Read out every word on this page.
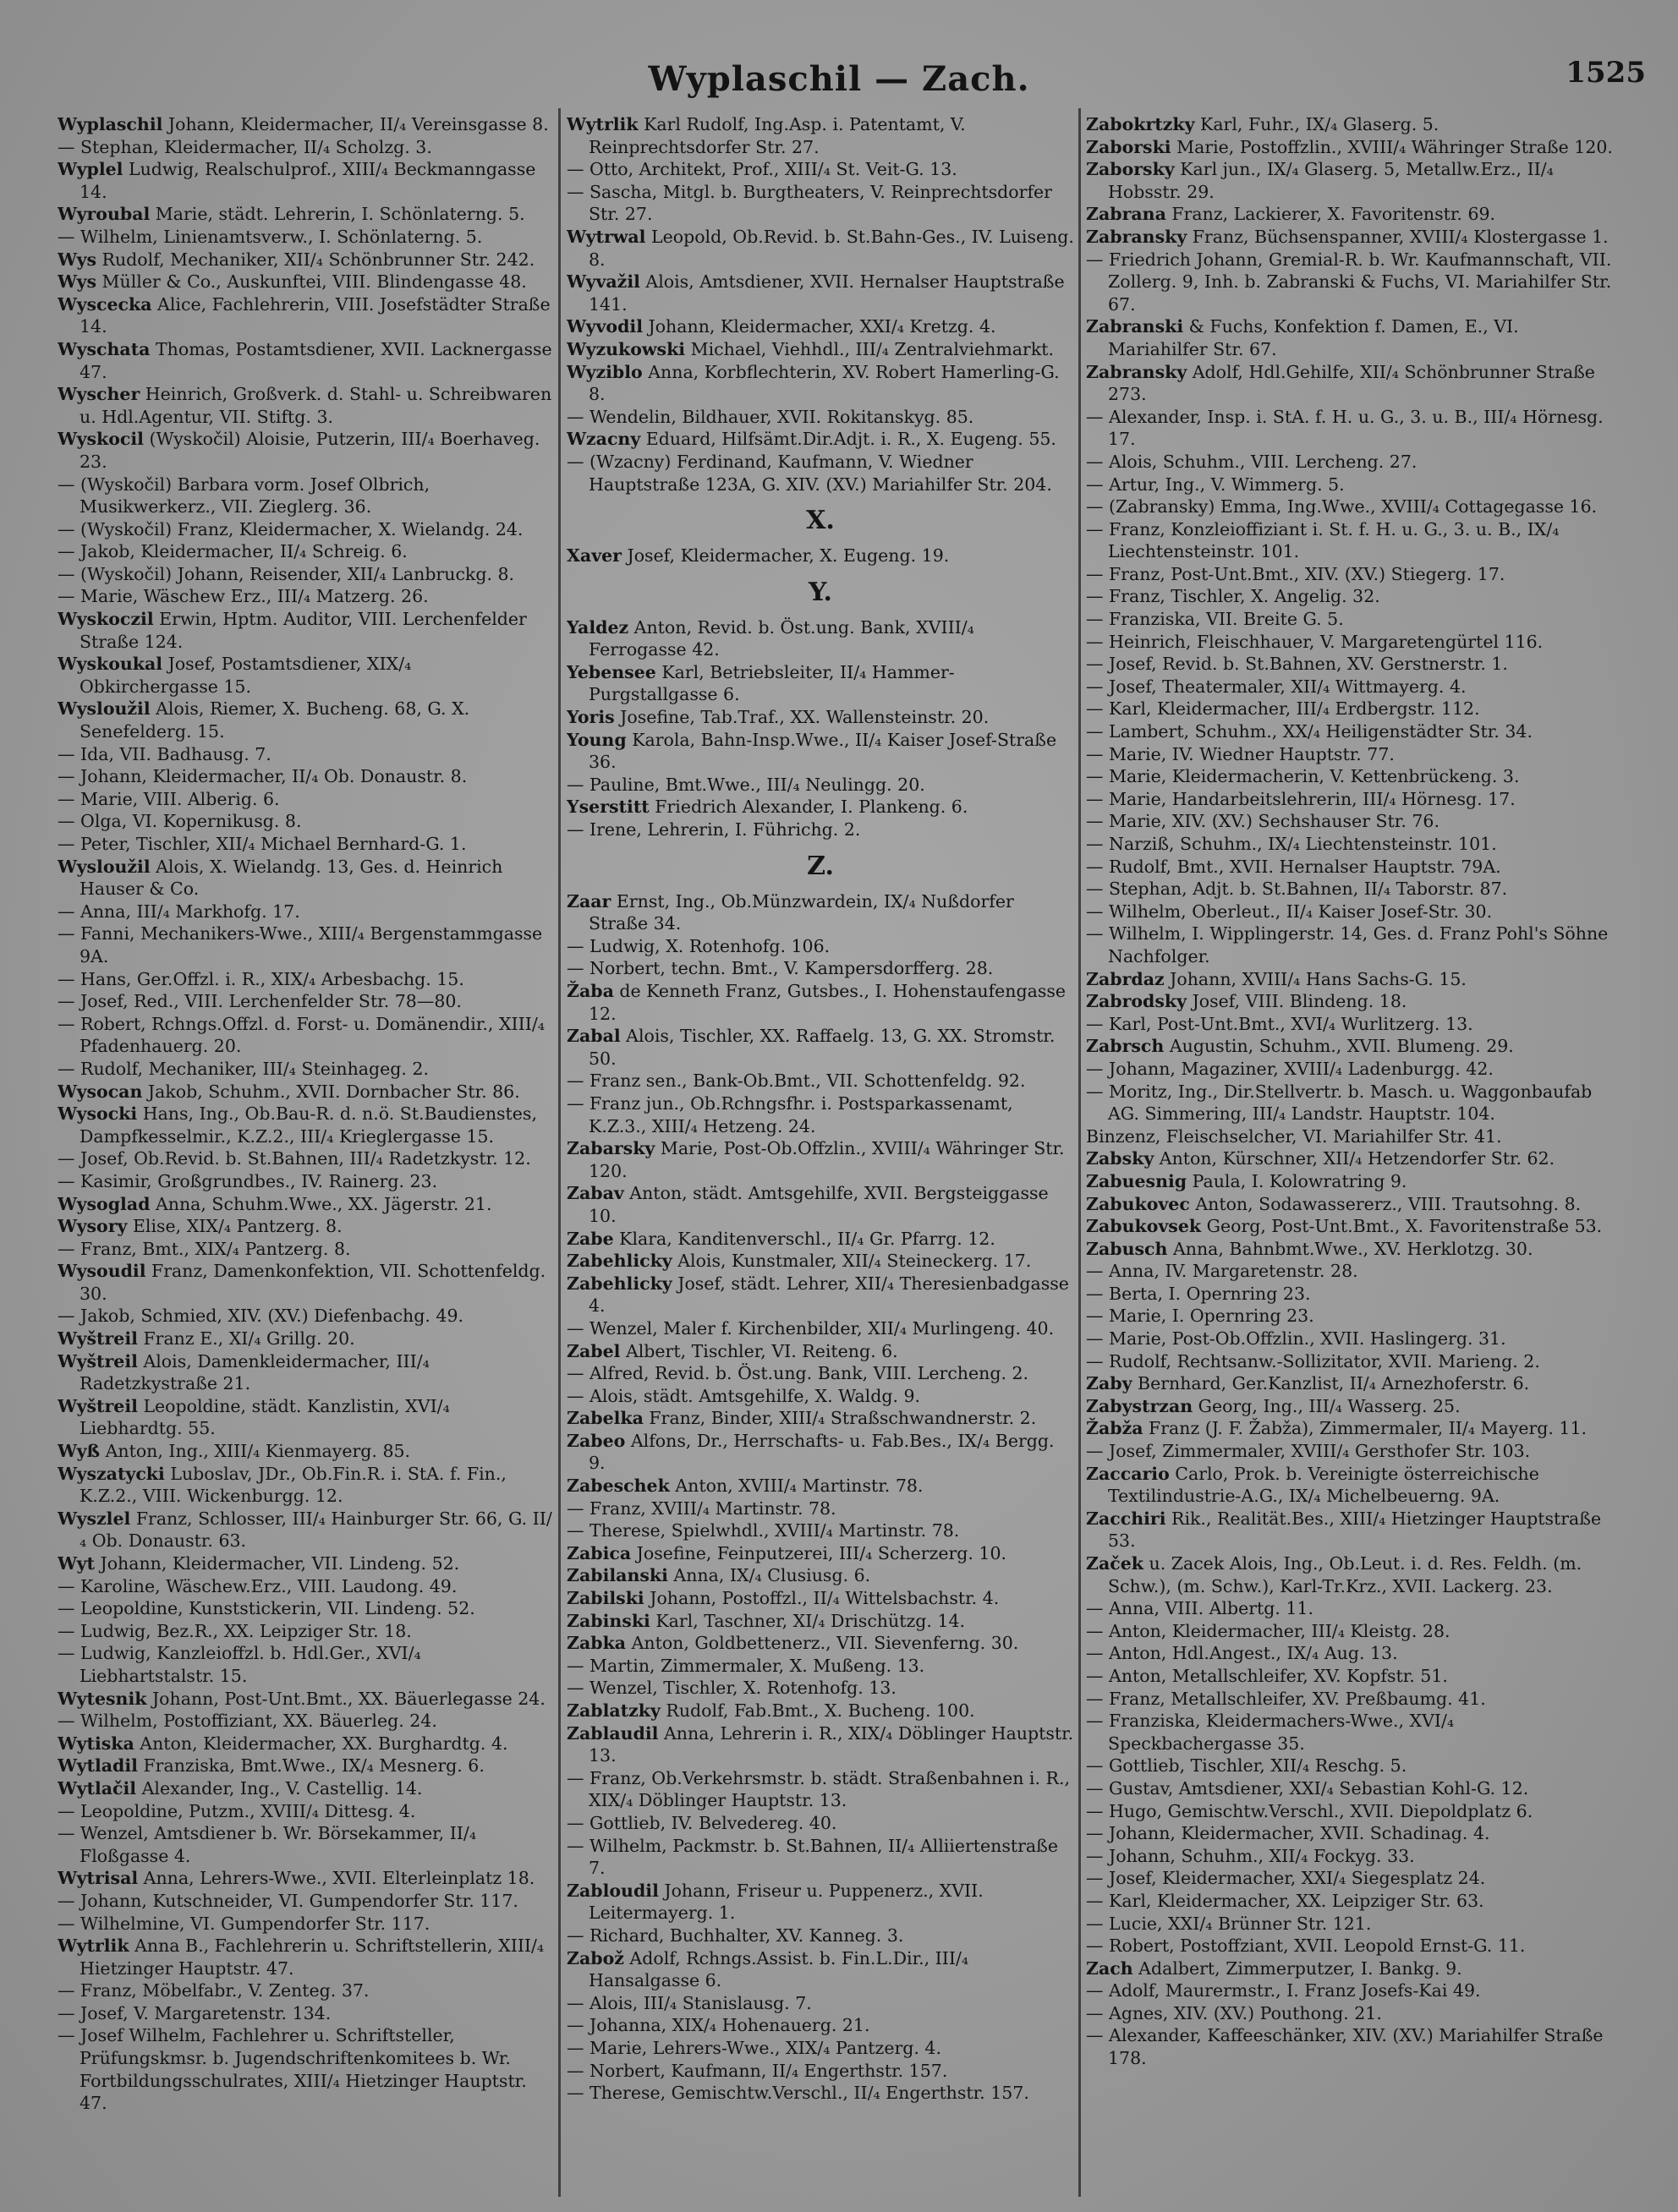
Wyplaschil — Zach.	1525

Wyplaschil Johann, Kleidermacher, II/₄ Vereinsgasse 8.

— Stephan, Kleidermacher, II/₄ Scholzg. 3.

Wyplel Ludwig, Realschulprof., XIII/₄ Beckmanngasse 14.

Wyroubal Marie, städt. Lehrerin, I. Schönlaterng. 5.

— Wilhelm, Linienamtsverw., I. Schönlaterng. 5.

Wys Rudolf, Mechaniker, XII/₄ Schönbrunner Str. 242.

Wys Müller & Co., Auskunftei, VIII. Blindengasse 48.

Wyscecka Alice, Fachlehrerin, VIII. Josefstädter Straße 14.

Wyschata Thomas, Postamtsdiener, XVII. Lacknergasse 47.

Wyscher Heinrich, Großverk. d. Stahl- u. Schreibwaren u. Hdl.Agentur, VII. Stiftg. 3.

Wyskocil (Wyskočil) Aloisie, Putzerin, III/₄ Boerhaveg. 23.

— (Wyskočil) Barbara vorm. Josef Olbrich, Musikwerkerz., VII. Zieglerg. 36.

— (Wyskočil) Franz, Kleidermacher, X. Wielandg. 24.

— Jakob, Kleidermacher, II/₄ Schreig. 6.

— (Wyskočil) Johann, Reisender, XII/₄ Lanbruckg. 8.

— Marie, Wäschew Erz., III/₄ Matzerg. 26.

Wyskoczil Erwin, Hptm. Auditor, VIII. Lerchenfelder Straße 124.

Wyskoukal Josef, Postamtsdiener, XIX/₄ Obkirchergasse 15.

Wysloužil Alois, Riemer, X. Bucheng. 68, G. X. Senefelderg. 15.

— Ida, VII. Badhausg. 7.

— Johann, Kleidermacher, II/₄ Ob. Donaustr. 8.

— Marie, VIII. Alberig. 6.

— Olga, VI. Kopernikusg. 8.

— Peter, Tischler, XII/₄ Michael Bernhard-G. 1.

Wysloužil Alois, X. Wielandg. 13, Ges. d. Heinrich Hauser & Co.

— Anna, III/₄ Markhofg. 17.

— Fanni, Mechanikers-Wwe., XIII/₄ Bergenstammgasse 9A.

— Hans, Ger.Offzl. i. R., XIX/₄ Arbesbachg. 15.

— Josef, Red., VIII. Lerchenfelder Str. 78—80.

— Robert, Rchngs.Offzl. d. Forst- u. Domänendir., XIII/₄ Pfadenhauerg. 20.

— Rudolf, Mechaniker, III/₄ Steinhageg. 2.

Wysocan Jakob, Schuhm., XVII. Dornbacher Str. 86.

Wysocki Hans, Ing., Ob.Bau-R. d. n.ö. St.Baudienstes, Dampfkesselmir., K.Z.2., III/₄ Krieglergasse 15.

— Josef, Ob.Revid. b. St.Bahnen, III/₄ Radetzkystr. 12.

— Kasimir, Großgrundbes., IV. Rainerg. 23.

Wysoglad Anna, Schuhm.Wwe., XX. Jägerstr. 21.

Wysory Elise, XIX/₄ Pantzerg. 8.

— Franz, Bmt., XIX/₄ Pantzerg. 8.

Wysoudil Franz, Damenkonfektion, VII. Schottenfeldg. 30.

— Jakob, Schmied, XIV. (XV.) Diefenbachg. 49.

Wyštreil Franz E., XI/₄ Grillg. 20.

Wyštreil Alois, Damenkleidermacher, III/₄ Radetzkystraße 21.

Wyštreil Leopoldine, städt. Kanzlistin, XVI/₄ Liebhardtg. 55.

Wyß Anton, Ing., XIII/₄ Kienmayerg. 85.

Wyszatycki Luboslav, JDr., Ob.Fin.R. i. StA. f. Fin., K.Z.2., VIII. Wickenburgg. 12.

Wyszlel Franz, Schlosser, III/₄ Hainburger Str. 66, G. II/₄ Ob. Donaustr. 63.

Wyt Johann, Kleidermacher, VII. Lindeng. 52.

— Karoline, Wäschew.Erz., VIII. Laudong. 49.

— Leopoldine, Kunststickerin, VII. Lindeng. 52.

— Ludwig, Bez.R., XX. Leipziger Str. 18.

— Ludwig, Kanzleioffzl. b. Hdl.Ger., XVI/₄ Liebhartstalstr. 15.

Wytesnik Johann, Post-Unt.Bmt., XX. Bäuerlegasse 24.

— Wilhelm, Postoffiziant, XX. Bäuerleg. 24.

Wytiska Anton, Kleidermacher, XX. Burghardtg. 4.

Wytladil Franziska, Bmt.Wwe., IX/₄ Mesnerg. 6.

Wytlačil Alexander, Ing., V. Castellig. 14.

— Leopoldine, Putzm., XVIII/₄ Dittesg. 4.

— Wenzel, Amtsdiener b. Wr. Börsekammer, II/₄ Floßgasse 4.

Wytrisal Anna, Lehrers-Wwe., XVII. Elterleinplatz 18.

— Johann, Kutschneider, VI. Gumpendorfer Str. 117.

— Wilhelmine, VI. Gumpendorfer Str. 117.

Wytrlik Anna B., Fachlehrerin u. Schriftstellerin, XIII/₄ Hietzinger Hauptstr. 47.

— Franz, Möbelfabr., V. Zenteg. 37.

— Josef, V. Margaretenstr. 134.

— Josef Wilhelm, Fachlehrer u. Schriftsteller, Prüfungskmsr. b. Jugendschriftenkomitees b. Wr. Fortbildungsschulrates, XIII/₄ Hietzinger Hauptstr. 47.

Wytrlik Karl Rudolf, Ing.Asp. i. Patentamt, V. Reinprechtsdorfer Str. 27.

— Otto, Architekt, Prof., XIII/₄ St. Veit-G. 13.

— Sascha, Mitgl. b. Burgtheaters, V. Reinprechtsdorfer Str. 27.

Wytrwal Leopold, Ob.Revid. b. St.Bahn-Ges., IV. Luiseng. 8.

Wyvažil Alois, Amtsdiener, XVII. Hernalser Hauptstraße 141.

Wyvodil Johann, Kleidermacher, XXI/₄ Kretzg. 4.

Wyzukowski Michael, Viehhdl., III/₄ Zentralviehmarkt.

Wyziblo Anna, Korbflechterin, XV. Robert Hamerling-G. 8.

— Wendelin, Bildhauer, XVII. Rokitanskyg. 85.

Wzacny Eduard, Hilfsämt.Dir.Adjt. i. R., X. Eugeng. 55.

— (Wzacny) Ferdinand, Kaufmann, V. Wiedner Hauptstraße 123A, G. XIV. (XV.) Mariahilfer Str. 204.

X.

Xaver Josef, Kleidermacher, X. Eugeng. 19.

Y.

Yaldez Anton, Revid. b. Öst.ung. Bank, XVIII/₄ Ferrogasse 42.

Yebensee Karl, Betriebsleiter, II/₄ Hammer-Purgstallgasse 6.

Yoris Josefine, Tab.Traf., XX. Wallensteinstr. 20.

Young Karola, Bahn-Insp.Wwe., II/₄ Kaiser Josef-Straße 36.

— Pauline, Bmt.Wwe., III/₄ Neulingg. 20.

Yserstitt Friedrich Alexander, I. Plankeng. 6.

— Irene, Lehrerin, I. Führichg. 2.

Z.

Zaar Ernst, Ing., Ob.Münzwardein, IX/₄ Nußdorfer Straße 34.

— Ludwig, X. Rotenhofg. 106.

— Norbert, techn. Bmt., V. Kampersdorfferg. 28.

Žaba de Kenneth Franz, Gutsbes., I. Hohenstaufengasse 12.

Zabal Alois, Tischler, XX. Raffaelg. 13, G. XX. Stromstr. 50.

— Franz sen., Bank-Ob.Bmt., VII. Schottenfeldg. 92.

— Franz jun., Ob.Rchngsfhr. i. Postsparkassenamt, K.Z.3., XIII/₄ Hetzeng. 24.

Zabarsky Marie, Post-Ob.Offzlin., XVIII/₄ Währinger Str. 120.

Zabav Anton, städt. Amtsgehilfe, XVII. Bergsteiggasse 10.

Zabe Klara, Kanditenverschl., II/₄ Gr. Pfarrg. 12.

Zabehlicky Alois, Kunstmaler, XII/₄ Steineckerg. 17.

Zabehlicky Josef, städt. Lehrer, XII/₄ Theresienbadgasse 4.

— Wenzel, Maler f. Kirchenbilder, XII/₄ Murlingeng. 40.

Zabel Albert, Tischler, VI. Reiteng. 6.

— Alfred, Revid. b. Öst.ung. Bank, VIII. Lercheng. 2.

— Alois, städt. Amtsgehilfe, X. Waldg. 9.

Zabelka Franz, Binder, XIII/₄ Straßschwandnerstr. 2.

Zabeo Alfons, Dr., Herrschafts- u. Fab.Bes., IX/₄ Bergg. 9.

Zabeschek Anton, XVIII/₄ Martinstr. 78.

— Franz, XVIII/₄ Martinstr. 78.

— Therese, Spielwhdl., XVIII/₄ Martinstr. 78.

Zabica Josefine, Feinputzerei, III/₄ Scherzerg. 10.

Zabilanski Anna, IX/₄ Clusiusg. 6.

Zabilski Johann, Postoffzl., II/₄ Wittelsbachstr. 4.

Zabinski Karl, Taschner, XI/₄ Drischützg. 14.

Zabka Anton, Goldbettenerz., VII. Sievenferng. 30.

— Martin, Zimmermaler, X. Mußeng. 13.

— Wenzel, Tischler, X. Rotenhofg. 13.

Zablatzky Rudolf, Fab.Bmt., X. Bucheng. 100.

Zablaudil Anna, Lehrerin i. R., XIX/₄ Döblinger Hauptstr. 13.

— Franz, Ob.Verkehrsmstr. b. städt. Straßenbahnen i. R., XIX/₄ Döblinger Hauptstr. 13.

— Gottlieb, IV. Belvedereg. 40.

— Wilhelm, Packmstr. b. St.Bahnen, II/₄ Alliiertenstraße 7.

Zabloudil Johann, Friseur u. Puppenerz., XVII. Leitermayerg. 1.

— Richard, Buchhalter, XV. Kanneg. 3.

Zabož Adolf, Rchngs.Assist. b. Fin.L.Dir., III/₄ Hansalgasse 6.

— Alois, III/₄ Stanislausg. 7.

— Johanna, XIX/₄ Hohenauerg. 21.

— Marie, Lehrers-Wwe., XIX/₄ Pantzerg. 4.

— Norbert, Kaufmann, II/₄ Engerthstr. 157.

— Therese, Gemischtw.Verschl., II/₄ Engerthstr. 157.

Zabokrtzky Karl, Fuhr., IX/₄ Glaserg. 5.

Zaborski Marie, Postoffzlin., XVIII/₄ Währinger Straße 120.

Zaborsky Karl jun., IX/₄ Glaserg. 5, Metallw.Erz., II/₄ Hobsstr. 29.

Zabrana Franz, Lackierer, X. Favoritenstr. 69.

Zabransky Franz, Büchsenspanner, XVIII/₄ Klostergasse 1.

— Friedrich Johann, Gremial-R. b. Wr. Kaufmannschaft, VII. Zollerg. 9, Inh. b. Zabranski & Fuchs, VI. Mariahilfer Str. 67.

Zabranski & Fuchs, Konfektion f. Damen, E., VI. Mariahilfer Str. 67.

Zabransky Adolf, Hdl.Gehilfe, XII/₄ Schönbrunner Straße 273.

— Alexander, Insp. i. StA. f. H. u. G., 3. u. B., III/₄ Hörnesg. 17.

— Alois, Schuhm., VIII. Lercheng. 27.

— Artur, Ing., V. Wimmerg. 5.

— (Zabransky) Emma, Ing.Wwe., XVIII/₄ Cottagegasse 16.

— Franz, Konzleioffiziant i. St. f. H. u. G., 3. u. B., IX/₄ Liechtensteinstr. 101.

— Franz, Post-Unt.Bmt., XIV. (XV.) Stiegerg. 17.

— Franz, Tischler, X. Angelig. 32.

— Franziska, VII. Breite G. 5.

— Heinrich, Fleischhauer, V. Margaretengürtel 116.

— Josef, Revid. b. St.Bahnen, XV. Gerstnerstr. 1.

— Josef, Theatermaler, XII/₄ Wittmayerg. 4.

— Karl, Kleidermacher, III/₄ Erdbergstr. 112.

— Lambert, Schuhm., XX/₄ Heiligenstädter Str. 34.

— Marie, IV. Wiedner Hauptstr. 77.

— Marie, Kleidermacherin, V. Kettenbrückeng. 3.

— Marie, Handarbeitslehrerin, III/₄ Hörnesg. 17.

— Marie, XIV. (XV.) Sechshauser Str. 76.

— Narziß, Schuhm., IX/₄ Liechtensteinstr. 101.

— Rudolf, Bmt., XVII. Hernalser Hauptstr. 79A.

— Stephan, Adjt. b. St.Bahnen, II/₄ Taborstr. 87.

— Wilhelm, Oberleut., II/₄ Kaiser Josef-Str. 30.

— Wilhelm, I. Wipplingerstr. 14, Ges. d. Franz Pohl's Söhne Nachfolger.

Zabrdaz Johann, XVIII/₄ Hans Sachs-G. 15.

Zabrodsky Josef, VIII. Blindeng. 18.

— Karl, Post-Unt.Bmt., XVI/₄ Wurlitzerg. 13.

Zabrsch Augustin, Schuhm., XVII. Blumeng. 29.

— Johann, Magaziner, XVIII/₄ Ladenburgg. 42.

— Moritz, Ing., Dir.Stellvertr. b. Masch. u. Waggonbaufab AG. Simmering, III/₄ Landstr. Hauptstr. 104.

Binzenz, Fleischselcher, VI. Mariahilfer Str. 41.

Zabsky Anton, Kürschner, XII/₄ Hetzendorfer Str. 62.

Zabuesnig Paula, I. Kolowratring 9.

Zabukovec Anton, Sodawassererz., VIII. Trautsohng. 8.

Zabukovsek Georg, Post-Unt.Bmt., X. Favoritenstraße 53.

Zabusch Anna, Bahnbmt.Wwe., XV. Herklotzg. 30.

— Anna, IV. Margaretenstr. 28.

— Berta, I. Opernring 23.

— Marie, I. Opernring 23.

— Marie, Post-Ob.Offzlin., XVII. Haslingerg. 31.

— Rudolf, Rechtsanw.-Sollizitator, XVII. Marieng. 2.

Zaby Bernhard, Ger.Kanzlist, II/₄ Arnezhoferstr. 6.

Zabystrzan Georg, Ing., III/₄ Wasserg. 25.

Žabža Franz (J. F. Žabža), Zimmermaler, II/₄ Mayerg. 11.

— Josef, Zimmermaler, XVIII/₄ Gersthofer Str. 103.

Zaccario Carlo, Prok. b. Vereinigte österreichische Textilindustrie-A.G., IX/₄ Michelbeuerng. 9A.

Zacchiri Rik., Realität.Bes., XIII/₄ Hietzinger Hauptstraße 53.

Začek u. Zacek Alois, Ing., Ob.Leut. i. d. Res. Feldh. (m. Schw.), (m. Schw.), Karl-Tr.Krz., XVII. Lackerg. 23.

— Anna, VIII. Albertg. 11.

— Anton, Kleidermacher, III/₄ Kleistg. 28.

— Anton, Hdl.Angest., IX/₄ Aug. 13.

— Anton, Metallschleifer, XV. Kopfstr. 51.

— Franz, Metallschleifer, XV. Preßbaumg. 41.

— Franziska, Kleidermachers-Wwe., XVI/₄ Speckbachergasse 35.

— Gottlieb, Tischler, XII/₄ Reschg. 5.

— Gustav, Amtsdiener, XXI/₄ Sebastian Kohl-G. 12.

— Hugo, Gemischtw.Verschl., XVII. Diepoldplatz 6.

— Johann, Kleidermacher, XVII. Schadinag. 4.

— Johann, Schuhm., XII/₄ Fockyg. 33.

— Josef, Kleidermacher, XXI/₄ Siegesplatz 24.

— Karl, Kleidermacher, XX. Leipziger Str. 63.

— Lucie, XXI/₄ Brünner Str. 121.

— Robert, Postoffziant, XVII. Leopold Ernst-G. 11.

Zach Adalbert, Zimmerputzer, I. Bankg. 9.

— Adolf, Maurermstr., I. Franz Josefs-Kai 49.

— Agnes, XIV. (XV.) Pouthong. 21.

— Alexander, Kaffeeschänker, XIV. (XV.) Mariahilfer Straße 178.
